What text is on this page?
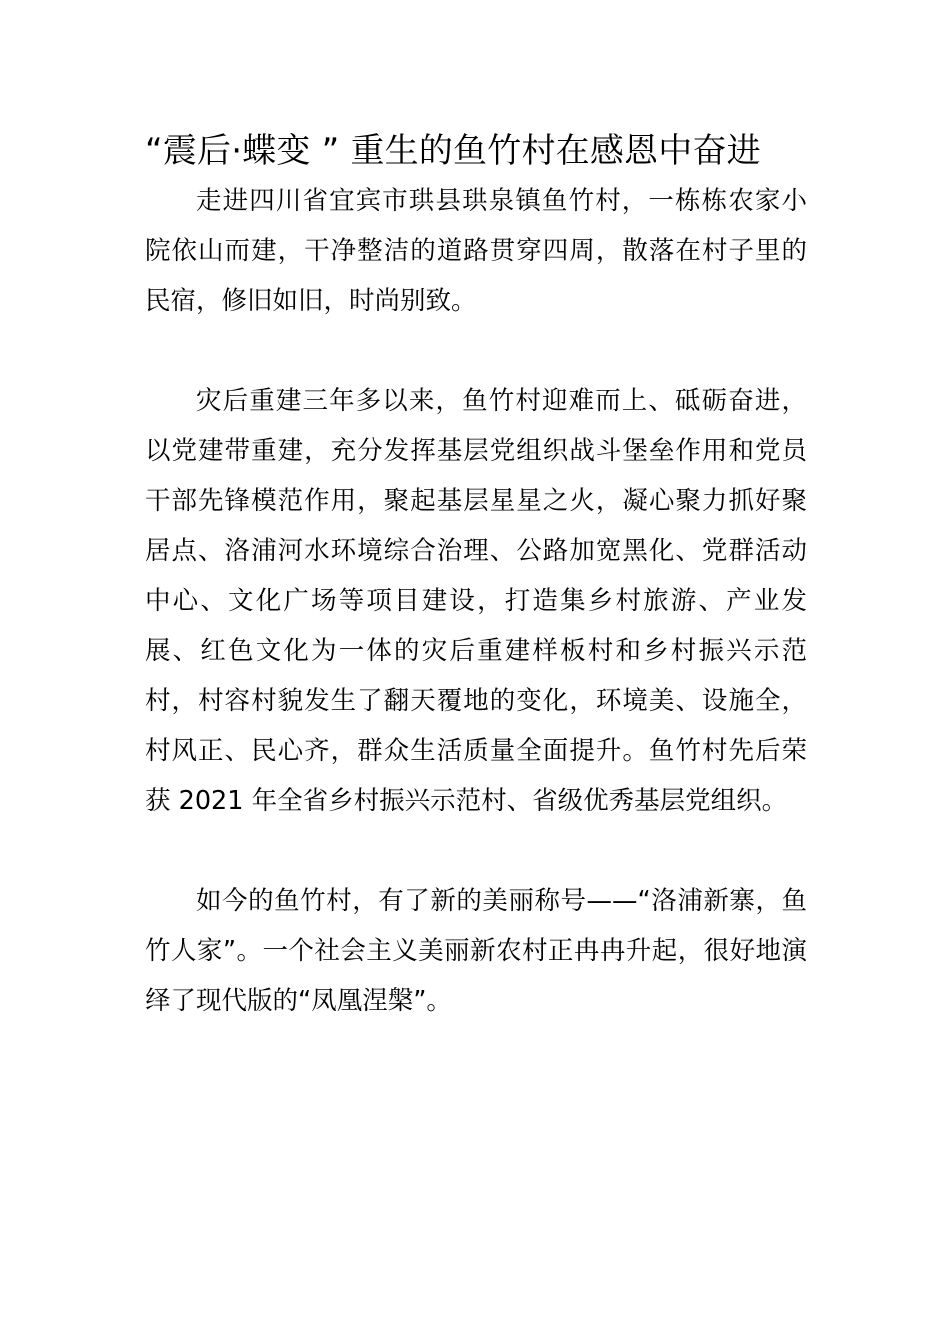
“震后·蝶变 ” 重生的鱼竹村在感恩中奋进

走进四川省宜宾市珙县珙泉镇鱼竹村，一栋栋农家小院依山而建，干净整洁的道路贯穿四周，散落在村子里的民宿，修旧如旧，时尚别致。

灾后重建三年多以来，鱼竹村迎难而上、砥砺奋进，以党建带重建，充分发挥基层党组织战斗堡垒作用和党员干部先锋模范作用，聚起基层星星之火，凝心聚力抓好聚居点、洛浦河水环境综合治理、公路加宽黑化、党群活动中心、文化广场等项目建设，打造集乡村旅游、产业发展、红色文化为一体的灾后重建样板村和乡村振兴示范村，村容村貌发生了翻天覆地的变化，环境美、设施全，村风正、民心齐，群众生活质量全面提升。鱼竹村先后荣获 2021 年全省乡村振兴示范村、省级优秀基层党组织。

如今的鱼竹村，有了新的美丽称号——“洛浦新寨，鱼竹人家”。一个社会主义美丽新农村正冉冉升起，很好地演绎了现代版的“凤凰涅槃”。
